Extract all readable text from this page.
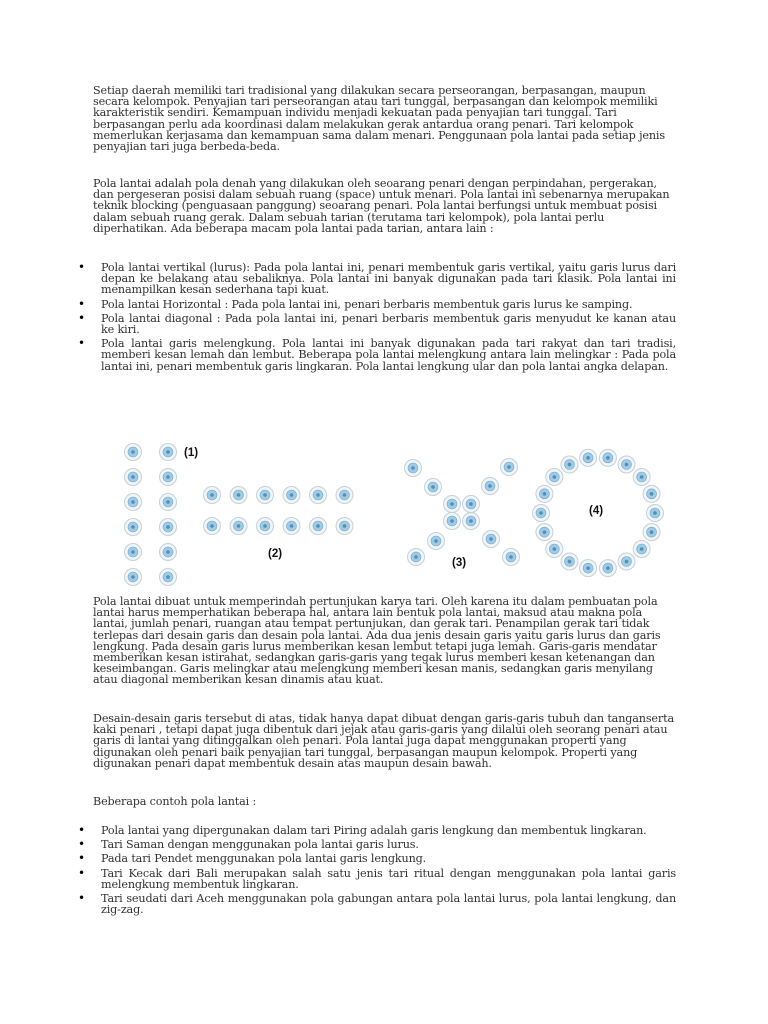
Setiap daerah memiliki tari tradisional yang dilakukan secara perseorangan, berpasangan, maupun secara kelompok. Penyajian tari perseorangan atau tari tunggal, berpasangan dan kelompok memiliki karakteristik sendiri. Kemampuan individu menjadi kekuatan pada penyajian tari tunggal. Tari berpasangan perlu ada koordinasi dalam melakukan gerak antardua orang penari. Tari kelompok memerlukan kerjasama dan kemampuan sama dalam menari. Penggunaan pola lantai pada setiap jenis penyajian tari juga berbeda-beda.

Pola lantai adalah pola denah yang dilakukan oleh seoarang penari dengan perpindahan, pergerakan, dan pergeseran posisi dalam sebuah ruang (space) untuk menari. Pola lantai ini sebenarnya merupakan teknik blocking (penguasaan panggung) seoarang penari. Pola lantai berfungsi untuk membuat posisi dalam sebuah ruang gerak. Dalam sebuah tarian (terutama tari kelompok), pola lantai perlu diperhatikan. Ada beberapa macam pola lantai pada tarian, antara lain :

• Pola lantai vertikal (lurus): Pada pola lantai ini, penari membentuk garis vertikal, yaitu garis lurus dari depan ke belakang atau sebaliknya. Pola lantai ini banyak digunakan pada tari klasik. Pola lantai ini menampilkan kesan sederhana tapi kuat.
• Pola lantai Horizontal : Pada pola lantai ini, penari berbaris membentuk garis lurus ke samping.
• Pola lantai diagonal : Pada pola lantai ini, penari berbaris membentuk garis menyudut ke kanan atau ke kiri.
• Pola lantai garis melengkung. Pola lantai ini banyak digunakan pada tari rakyat dan tari tradisi, memberi kesan lemah dan lembut. Beberapa pola lantai melengkung antara lain melingkar : Pada pola lantai ini, penari membentuk garis lingkaran. Pola lantai lengkung ular dan pola lantai angka delapan.
(1)
(2)
(3)
(4)

Pola lantai dibuat untuk memperindah pertunjukan karya tari. Oleh karena itu dalam pembuatan pola lantai harus memperhatikan beberapa hal, antara lain bentuk pola lantai, maksud atau makna pola lantai, jumlah penari, ruangan atau tempat pertunjukan, dan gerak tari. Penampilan gerak tari tidak terlepas dari desain garis dan desain pola lantai. Ada dua jenis desain garis yaitu garis lurus dan garis lengkung. Pada desain garis lurus memberikan kesan lembut tetapi juga lemah. Garis-garis mendatar memberikan kesan istirahat, sedangkan garis-garis yang tegak lurus memberi kesan ketenangan dan keseimbangan. Garis melingkar atau melengkung memberi kesan manis, sedangkan garis menyilang atau diagonal memberikan kesan dinamis atau kuat.

Desain-desain garis tersebut di atas, tidak hanya dapat dibuat dengan garis-garis tubuh dan tanganserta kaki penari , tetapi dapat juga dibentuk dari jejak atau garis-garis yang dilalui oleh seorang penari atau garis di lantai yang ditinggalkan oleh penari. Pola lantai juga dapat menggunakan properti yang digunakan oleh penari baik penyajian tari tunggal, berpasangan maupun kelompok. Properti yang digunakan penari dapat membentuk desain atas maupun desain bawah.

Beberapa contoh pola lantai :

• Pola lantai yang dipergunakan dalam tari Piring adalah garis lengkung dan membentuk lingkaran.
• Tari Saman dengan menggunakan pola lantai garis lurus.
• Pada tari Pendet menggunakan pola lantai garis lengkung.
• Tari Kecak dari Bali merupakan salah satu jenis tari ritual dengan menggunakan pola lantai garis melengkung membentuk lingkaran.
• Tari seudati dari Aceh menggunakan pola gabungan antara pola lantai lurus, pola lantai lengkung, dan zig-zag.
